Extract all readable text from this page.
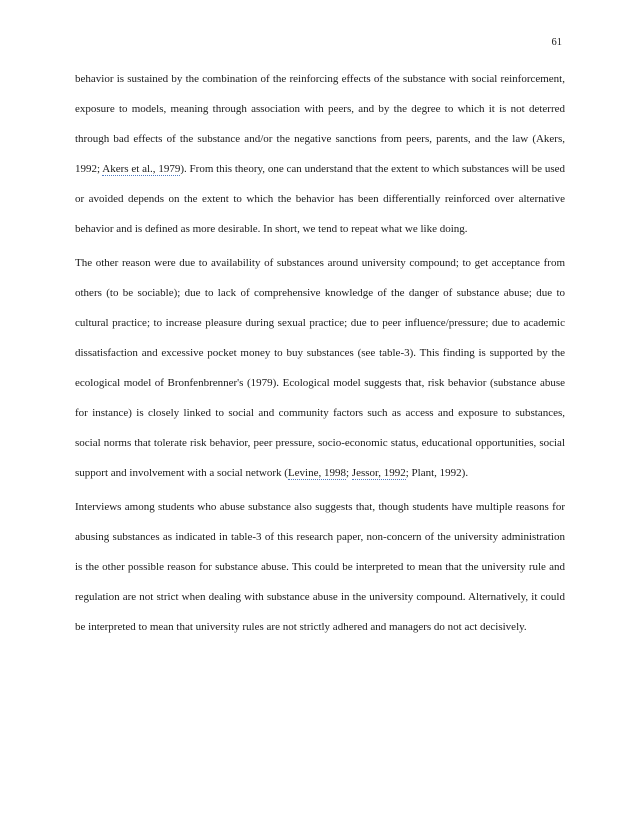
61

behavior is sustained by the combination of the reinforcing effects of the substance with social reinforcement, exposure to models, meaning through association with peers, and by the degree to which it is not deterred through bad effects of the substance and/or the negative sanctions from peers, parents, and the law (Akers, 1992; Akers et al., 1979). From this theory, one can understand that the extent to which substances will be used or avoided depends on the extent to which the behavior has been differentially reinforced over alternative behavior and is defined as more desirable. In short, we tend to repeat what we like doing.

The other reason were due to availability of substances around university compound; to get acceptance from others (to be sociable); due to lack of comprehensive knowledge of the danger of substance abuse; due to cultural practice; to increase pleasure during sexual practice; due to peer influence/pressure; due to academic dissatisfaction and excessive pocket money to buy substances (see table-3). This finding is supported by the ecological model of Bronfenbrenner's (1979). Ecological model suggests that, risk behavior (substance abuse for instance) is closely linked to social and community factors such as access and exposure to substances, social norms that tolerate risk behavior, peer pressure, socio-economic status, educational opportunities, social support and involvement with a social network (Levine, 1998; Jessor, 1992; Plant, 1992).

Interviews among students who abuse substance also suggests that, though students have multiple reasons for abusing substances as indicated in table-3 of this research paper, non-concern of the university administration is the other possible reason for substance abuse. This could be interpreted to mean that the university rule and regulation are not strict when dealing with substance abuse in the university compound. Alternatively, it could be interpreted to mean that university rules are not strictly adhered and managers do not act decisively.
